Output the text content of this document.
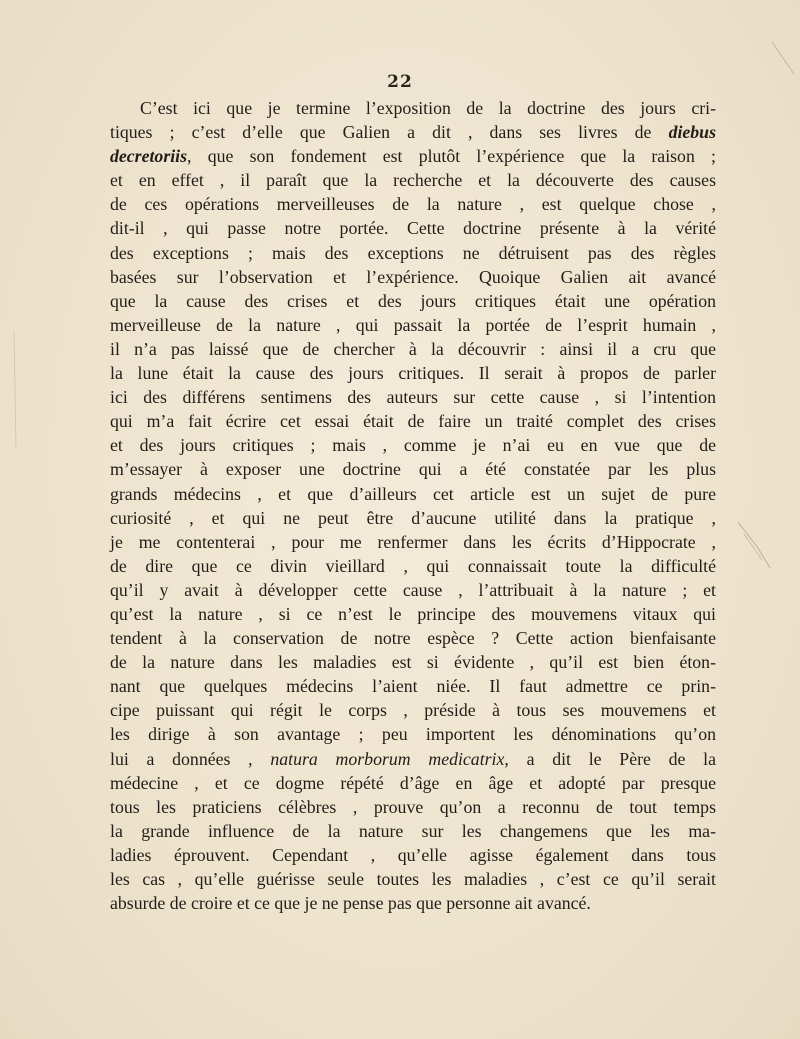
22
C’est ici que je termine l’exposition de la doctrine des jours cri-
tiques ; c’est d’elle que Galien a dit , dans ses livres de diebus
decretoriis, que son fondement est plutôt l’expérience que la raison ;
et en effet , il paraît que la recherche et la découverte des causes
de ces opérations merveilleuses de la nature , est quelque chose ,
dit-il , qui passe notre portée. Cette doctrine présente à la vérité
des exceptions ; mais des exceptions ne détruisent pas des règles
basées sur l’observation et l’expérience. Quoique Galien ait avancé
que la cause des crises et des jours critiques était une opération
merveilleuse de la nature , qui passait la portée de l’esprit humain ,
il n’a pas laissé que de chercher à la découvrir : ainsi il a cru que
la lune était la cause des jours critiques. Il serait à propos de parler
ici des différens sentimens des auteurs sur cette cause , si l’intention
qui m’a fait écrire cet essai était de faire un traité complet des crises
et des jours critiques ; mais , comme je n’ai eu en vue que de
m’essayer à exposer une doctrine qui a été constatée par les plus
grands médecins , et que d’ailleurs cet article est un sujet de pure
curiosité , et qui ne peut être d’aucune utilité dans la pratique ,
je me contenterai , pour me renfermer dans les écrits d’Hippocrate ,
de dire que ce divin vieillard , qui connaissait toute la difficulté
qu’il y avait à développer cette cause , l’attribuait à la nature ; et
qu’est la nature , si ce n’est le principe des mouvemens vitaux qui
tendent à la conservation de notre espèce ? Cette action bienfaisante
de la nature dans les maladies est si évidente , qu’il est bien éton-
nant que quelques médecins l’aient niée. Il faut admettre ce prin-
cipe puissant qui régit le corps , préside à tous ses mouvemens et
les dirige à son avantage ; peu importent les dénominations qu’on
lui a données , natura morborum medicatrix, a dit le Père de la
médecine , et ce dogme répété d’âge en âge et adopté par presque
tous les praticiens célèbres , prouve qu’on a reconnu de tout temps
la grande influence de la nature sur les changemens que les ma-
ladies éprouvent. Cependant , qu’elle agisse également dans tous
les cas , qu’elle guérisse seule toutes les maladies , c’est ce qu’il serait
absurde de croire et ce que je ne pense pas que personne ait avancé.
